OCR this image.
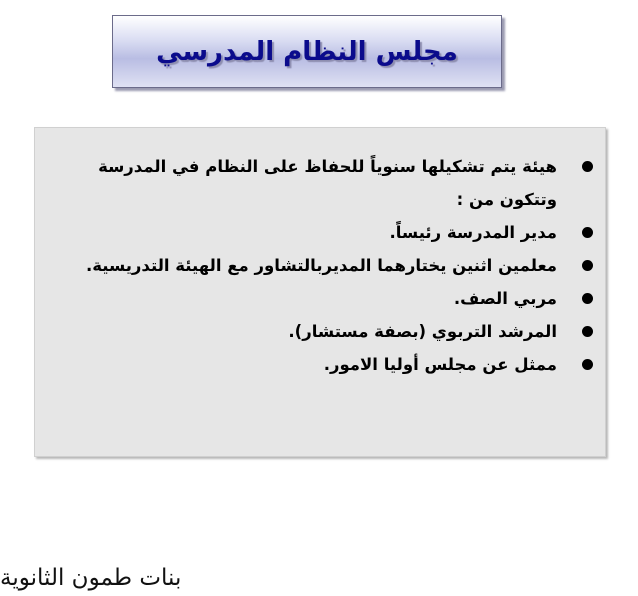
مجلس النظام المدرسي
هيئة يتم تشكيلها سنوياً للحفاظ على النظام في المدرسة وتتكون من :
مدير المدرسة رئيساً.
معلمين اثنين يختارهما المديربالتشاور مع الهيئة التدريسية.
مربي الصف.
المرشد التربوي (بصفة مستشار).
ممثل عن مجلس أوليا الامور.
بنات طمون الثانوية
